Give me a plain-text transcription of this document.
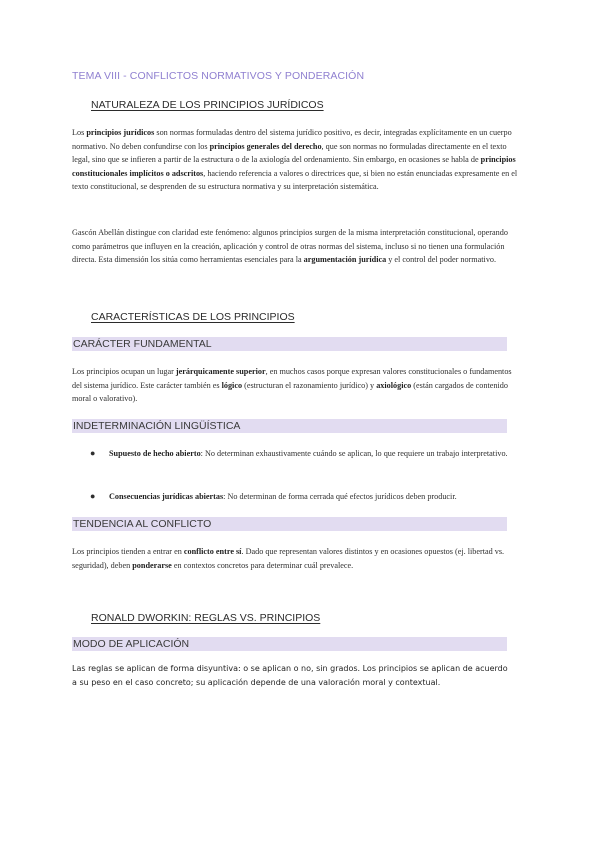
TEMA VIII - CONFLICTOS NORMATIVOS Y PONDERACIÓN
NATURALEZA DE LOS PRINCIPIOS JURÍDICOS

Los principios jurídicos son normas formuladas dentro del sistema jurídico positivo, es decir, integradas explícitamente en un cuerpo normativo. No deben confundirse con los principios generales del derecho, que son normas no formuladas directamente en el texto legal, sino que se infieren a partir de la estructura o de la axiología del ordenamiento. Sin embargo, en ocasiones se habla de principios constitucionales implícitos o adscritos, haciendo referencia a valores o directrices que, si bien no están enunciadas expresamente en el texto constitucional, se desprenden de su estructura normativa y su interpretación sistemática.

Gascón Abellán distingue con claridad este fenómeno: algunos principios surgen de la misma interpretación constitucional, operando como parámetros que influyen en la creación, aplicación y control de otras normas del sistema, incluso si no tienen una formulación directa. Esta dimensión los sitúa como herramientas esenciales para la argumentación jurídica y el control del poder normativo.

CARACTERÍSTICAS DE LOS PRINCIPIOS
CARÁCTER FUNDAMENTAL

Los principios ocupan un lugar jerárquicamente superior, en muchos casos porque expresan valores constitucionales o fundamentos del sistema jurídico. Este carácter también es lógico (estructuran el razonamiento jurídico) y axiológico (están cargados de contenido moral o valorativo).

INDETERMINACIÓN LINGÜÍSTICA
● Supuesto de hecho abierto: No determinan exhaustivamente cuándo se aplican, lo que requiere un trabajo interpretativo.
● Consecuencias jurídicas abiertas: No determinan de forma cerrada qué efectos jurídicos deben producir.
TENDENCIA AL CONFLICTO

Los principios tienden a entrar en conflicto entre sí. Dado que representan valores distintos y en ocasiones opuestos (ej. libertad vs. seguridad), deben ponderarse en contextos concretos para determinar cuál prevalece.

RONALD DWORKIN: REGLAS VS. PRINCIPIOS
MODO DE APLICACIÓN

Las reglas se aplican de forma disyuntiva: o se aplican o no, sin grados. Los principios se aplican de acuerdo a su peso en el caso concreto; su aplicación depende de una valoración moral y contextual.
